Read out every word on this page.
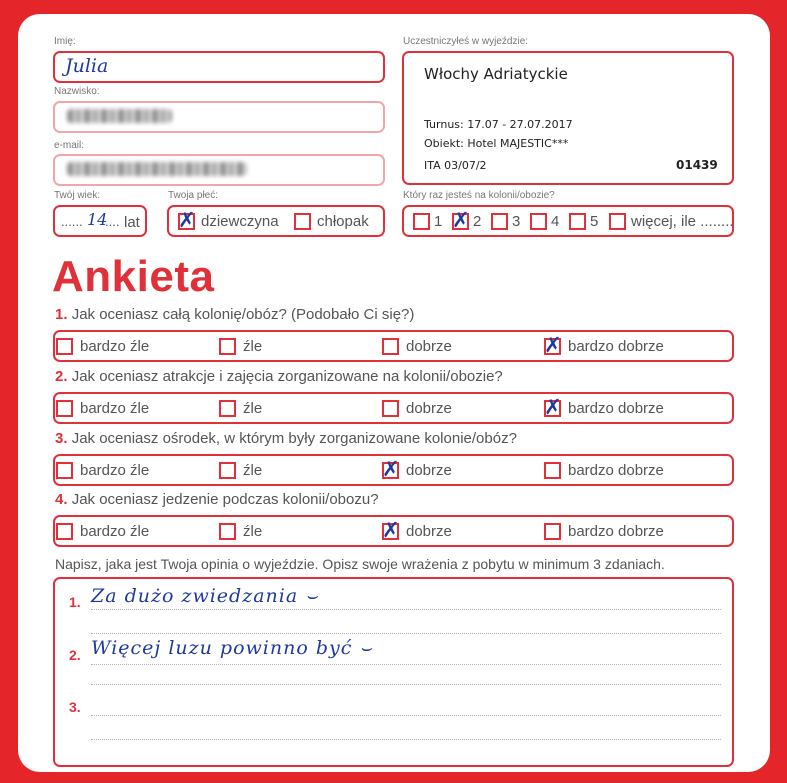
Imię:
Julia
Nazwisko:
e-mail:
Twój wiek:
...... 14
.... lat
Twoja płeć:
✗ dziewczyna	chłopak
Uczestniczyłeś w wyjeździe:
Włochy Adriatyckie
Turnus: 17.07 - 27.07.2017
Obiekt: Hotel MAJESTIC***
ITA 03/07/2	01439
Który raz jesteś na kolonii/obozie?
1 ✗ 2 3 4 5 więcej, ile ........
Ankieta
1. Jak oceniasz całą kolonię/obóz? (Podobało Ci się?)
bardzo źle	źle	dobrze	✗ bardzo dobrze
2. Jak oceniasz atrakcje i zajęcia zorganizowane na kolonii/obozie?
bardzo źle	źle	dobrze	✗ bardzo dobrze
3. Jak oceniasz ośrodek, w którym były zorganizowane kolonie/obóz?
bardzo źle	źle	✗ dobrze	bardzo dobrze
4. Jak oceniasz jedzenie podczas kolonii/obozu?
bardzo źle	źle	✗ dobrze	bardzo dobrze
Napisz, jaka jest Twoja opinia o wyjeździe. Opisz swoje wrażenia z pobytu w minimum 3 zdaniach.
1. Za dużo zwiedzania ⌣
2. Więcej luzu powinno być ⌣
3.
